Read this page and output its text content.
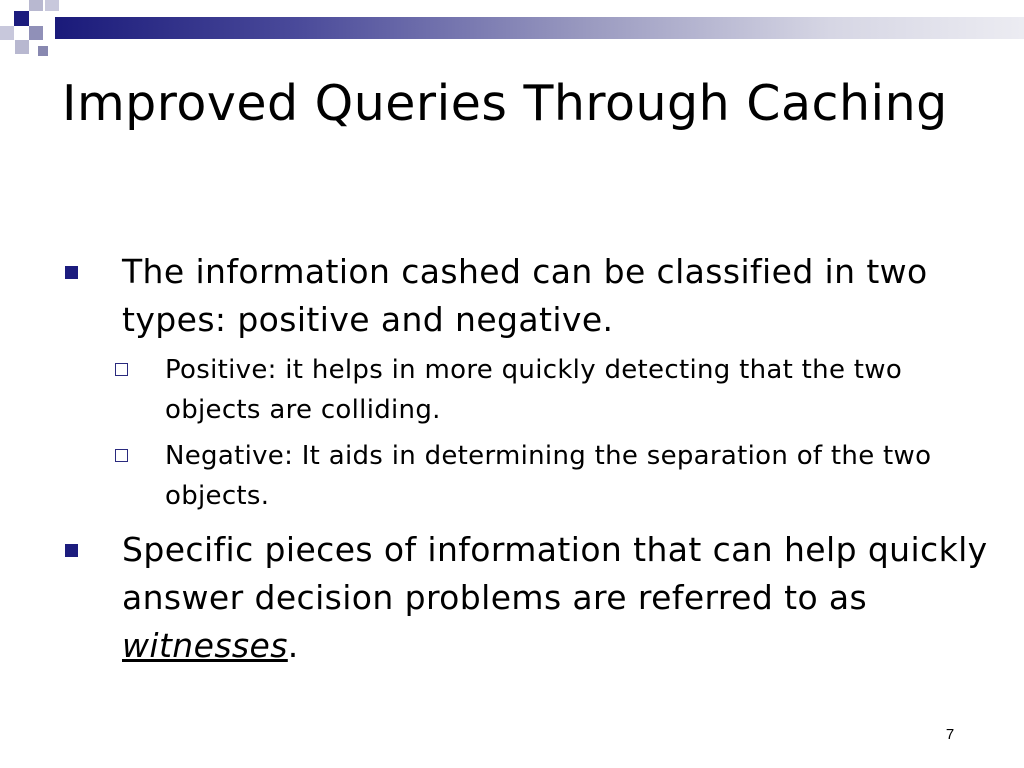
Improved Queries Through Caching
The information cashed can be classified in two types: positive and negative.
Positive: it helps in more quickly detecting that the two objects are colliding.
Negative: It aids in determining the separation of the two objects.
Specific pieces of information that can help quickly answer decision problems are referred to as witnesses.
7
